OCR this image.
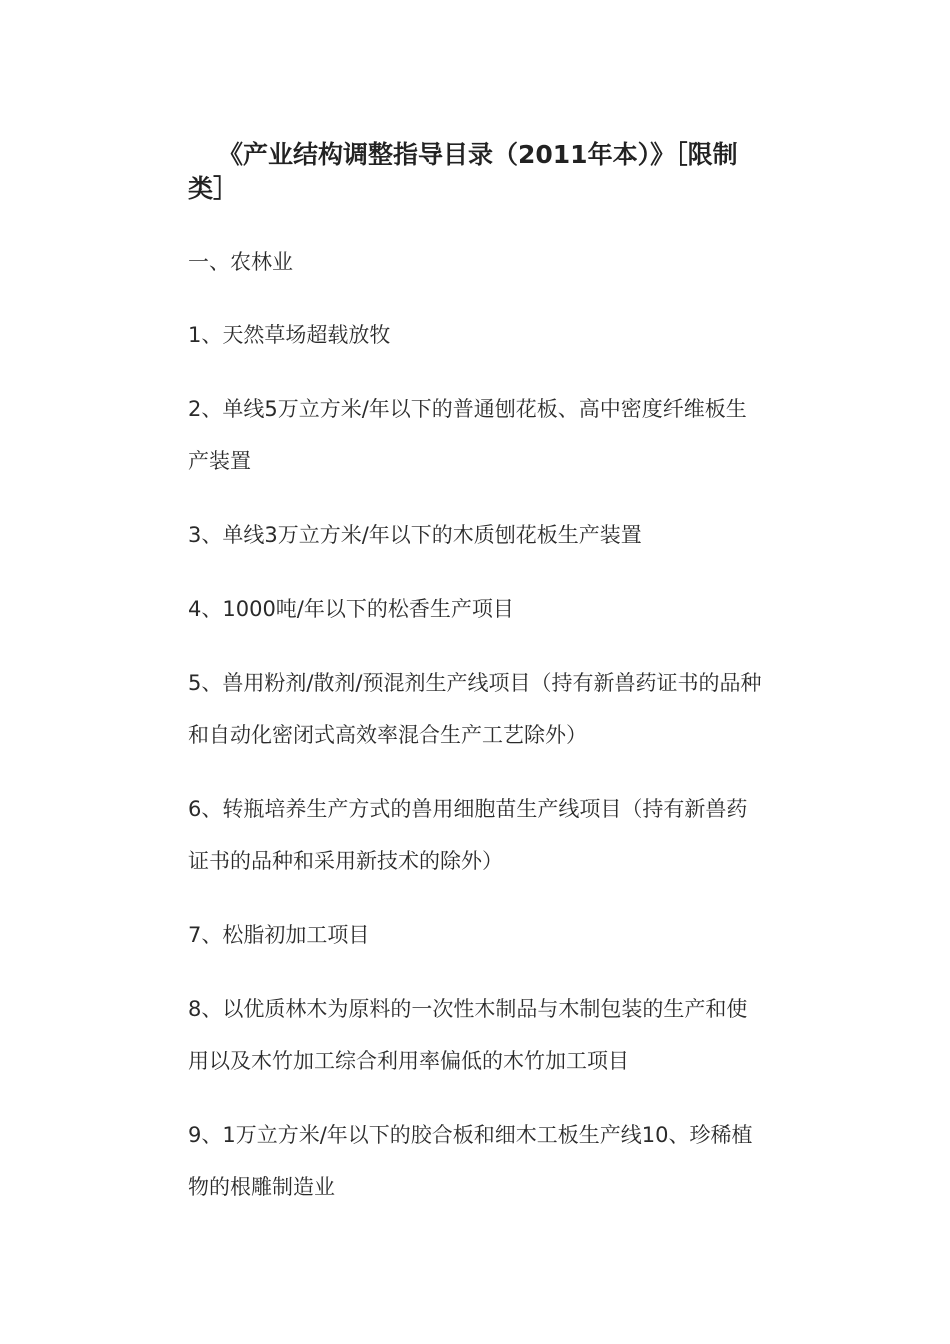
《产业结构调整指导目录（2011年本）》［限制类］

一、农林业

1、天然草场超载放牧

2、单线5万立方米/年以下的普通刨花板、高中密度纤维板生产装置

3、单线3万立方米/年以下的木质刨花板生产装置

4、1000吨/年以下的松香生产项目

5、兽用粉剂/散剂/预混剂生产线项目（持有新兽药证书的品种和自动化密闭式高效率混合生产工艺除外）

6、转瓶培养生产方式的兽用细胞苗生产线项目（持有新兽药证书的品种和采用新技术的除外）

7、松脂初加工项目

8、以优质林木为原料的一次性木制品与木制包装的生产和使用以及木竹加工综合利用率偏低的木竹加工项目

9、1万立方米/年以下的胶合板和细木工板生产线10、珍稀植物的根雕制造业
